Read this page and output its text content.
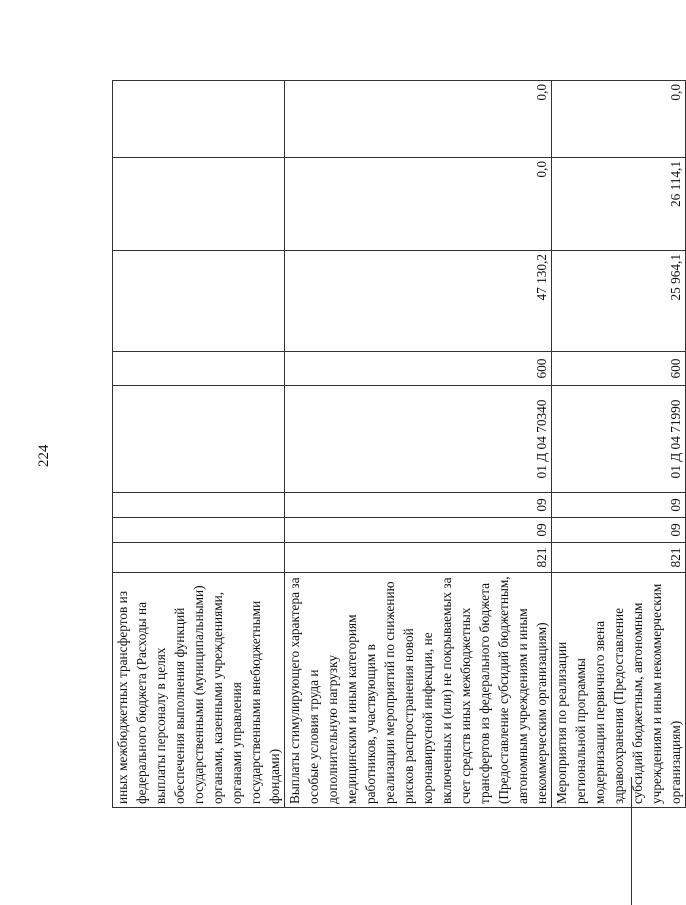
224
иных межбюджетных трансфертов из федерального бюджета (Расходы на выплаты персоналу в целях обеспечения выполнения функций государственными (муниципальными) органами, казенными учреждениями, органами управления государственными внебюджетными фондами)								
Выплаты стимулирующего характера за особые условия труда и дополнительную нагрузку медицинским и иным категориям работников, участвующим в реализации мероприятий по снижению рисков распространения новой коронавирусной инфекции, не включенных и (или) не покрываемых за счет средств иных межбюджетных трансфертов из федерального бюджета (Предоставление субсидий бюджетным, автономным учреждениям и иным некоммерческим организациям)	821	09	09	01 Д 04 70340	600	47 130,2	0,0	0,0
Мероприятия по реализации региональной программы модернизации первичного звена здравоохранения (Предоставление субсидий бюджетным, автономным учреждениям и иным некоммерческим организациям)	821	09	09	01 Д 04 71990	600	25 964,1	26 114,1	0,0
